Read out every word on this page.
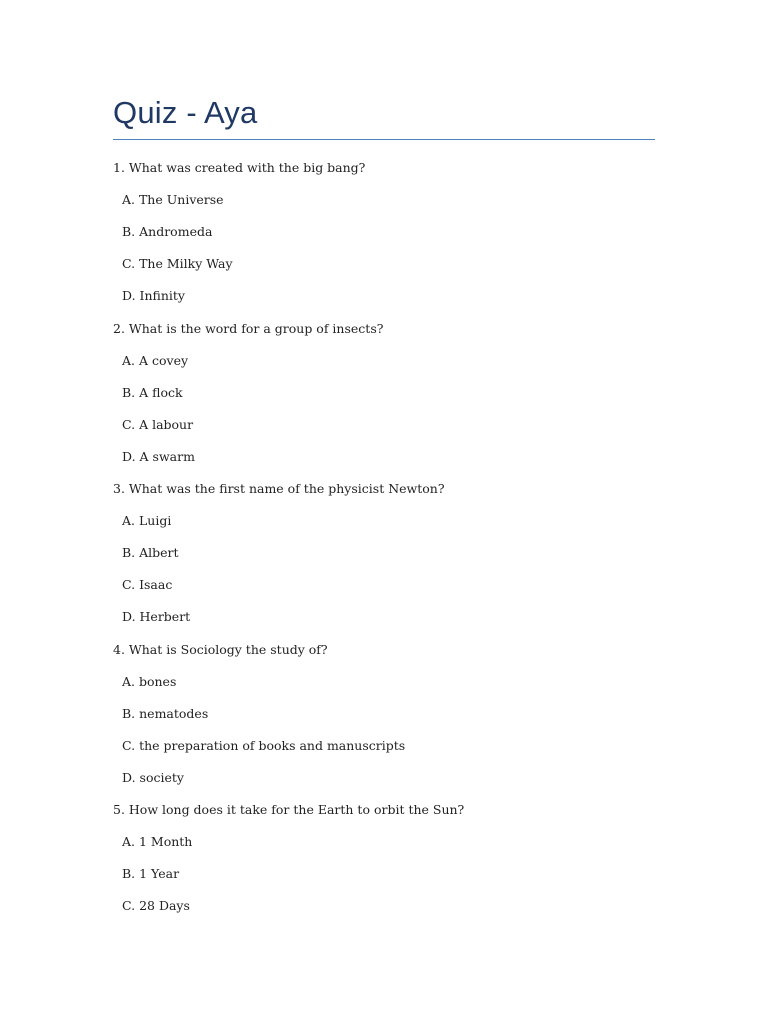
Quiz - Aya
1. What was created with the big bang?
A. The Universe
B. Andromeda
C. The Milky Way
D. Infinity
2. What is the word for a group of insects?
A. A covey
B. A flock
C. A labour
D. A swarm
3. What was the first name of the physicist Newton?
A. Luigi
B. Albert
C. Isaac
D. Herbert
4. What is Sociology the study of?
A. bones
B. nematodes
C. the preparation of books and manuscripts
D. society
5. How long does it take for the Earth to orbit the Sun?
A. 1 Month
B. 1 Year
C. 28 Days
